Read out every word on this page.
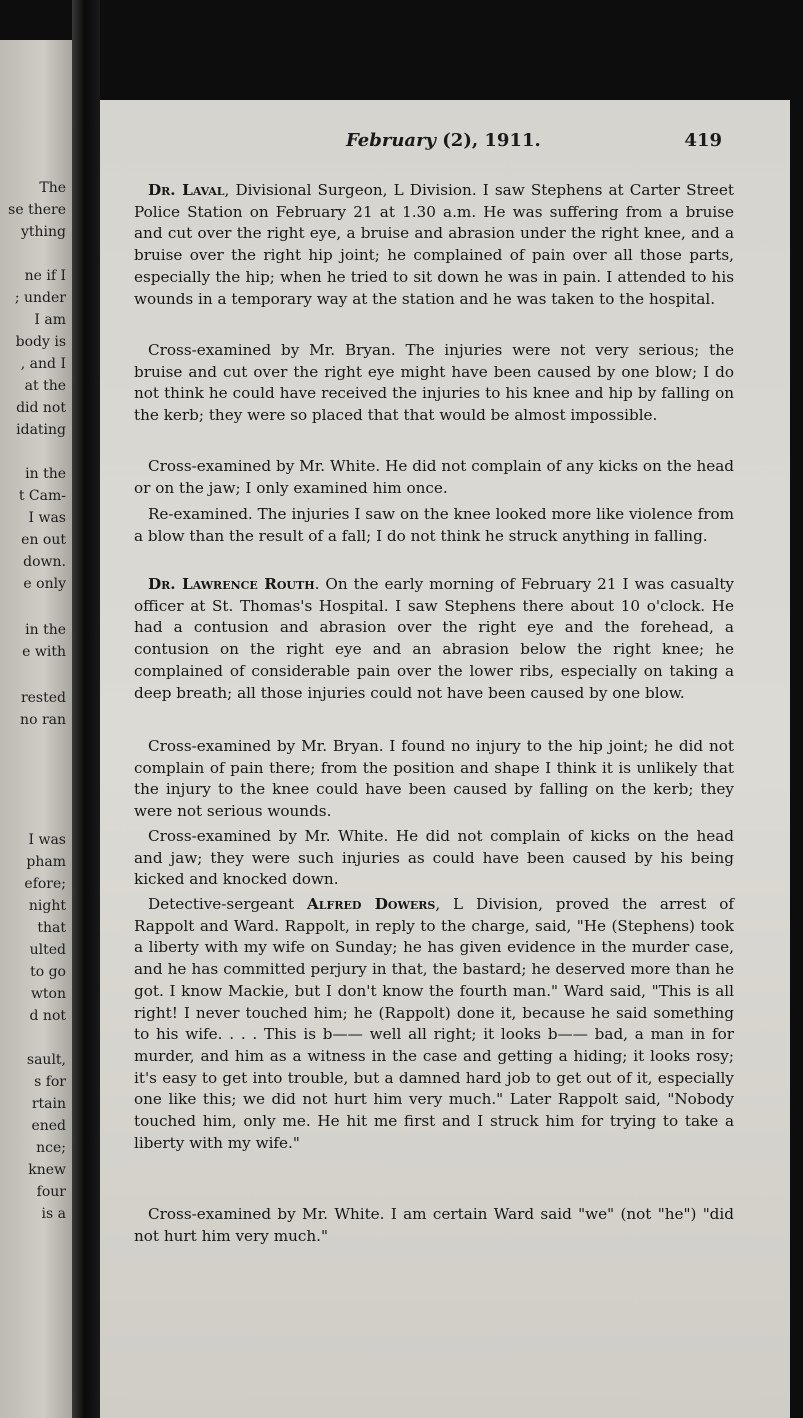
The
se there
ything
ne if I
; under
I am
body is
, and I
at the
did not
idating
in the
t Cam-
I was
en out
down.
e only
in the
e with
rested
no ran
I was
pham
efore;
night
that
ulted
to go
wton
d not
sault,
s for
rtain
ened
nce;
knew
four
is a
February (2), 1911.	419

Dr. Laval, Divisional Surgeon, L Division. I saw Stephens at Carter Street Police Station on February 21 at 1.30 a.m. He was suffering from a bruise and cut over the right eye, a bruise and abrasion under the right knee, and a bruise over the right hip joint; he complained of pain over all those parts, especially the hip; when he tried to sit down he was in pain. I attended to his wounds in a temporary way at the station and he was taken to the hospital.

Cross-examined by Mr. Bryan. The injuries were not very serious; the bruise and cut over the right eye might have been caused by one blow; I do not think he could have received the injuries to his knee and hip by falling on the kerb; they were so placed that that would be almost impossible.

Cross-examined by Mr. White. He did not complain of any kicks on the head or on the jaw; I only examined him once.

Re-examined. The injuries I saw on the knee looked more like violence from a blow than the result of a fall; I do not think he struck anything in falling.

Dr. Lawrence Routh. On the early morning of February 21 I was casualty officer at St. Thomas's Hospital. I saw Stephens there about 10 o'clock. He had a contusion and abrasion over the right eye and the forehead, a contusion on the right eye and an abrasion below the right knee; he complained of considerable pain over the lower ribs, especially on taking a deep breath; all those injuries could not have been caused by one blow.

Cross-examined by Mr. Bryan. I found no injury to the hip joint; he did not complain of pain there; from the position and shape I think it is unlikely that the injury to the knee could have been caused by falling on the kerb; they were not serious wounds.

Cross-examined by Mr. White. He did not complain of kicks on the head and jaw; they were such injuries as could have been caused by his being kicked and knocked down.

Detective-sergeant Alfred Dowers, L Division, proved the arrest of Rappolt and Ward. Rappolt, in reply to the charge, said, "He (Stephens) took a liberty with my wife on Sunday; he has given evidence in the murder case, and he has committed perjury in that, the bastard; he deserved more than he got. I know Mackie, but I don't know the fourth man." Ward said, "This is all right! I never touched him; he (Rappolt) done it, because he said something to his wife. . . . This is b—— well all right; it looks b—— bad, a man in for murder, and him as a witness in the case and getting a hiding; it looks rosy; it's easy to get into trouble, but a damned hard job to get out of it, especially one like this; we did not hurt him very much." Later Rappolt said, "Nobody touched him, only me. He hit me first and I struck him for trying to take a liberty with my wife."

Cross-examined by Mr. White. I am certain Ward said "we" (not "he") "did not hurt him very much."
